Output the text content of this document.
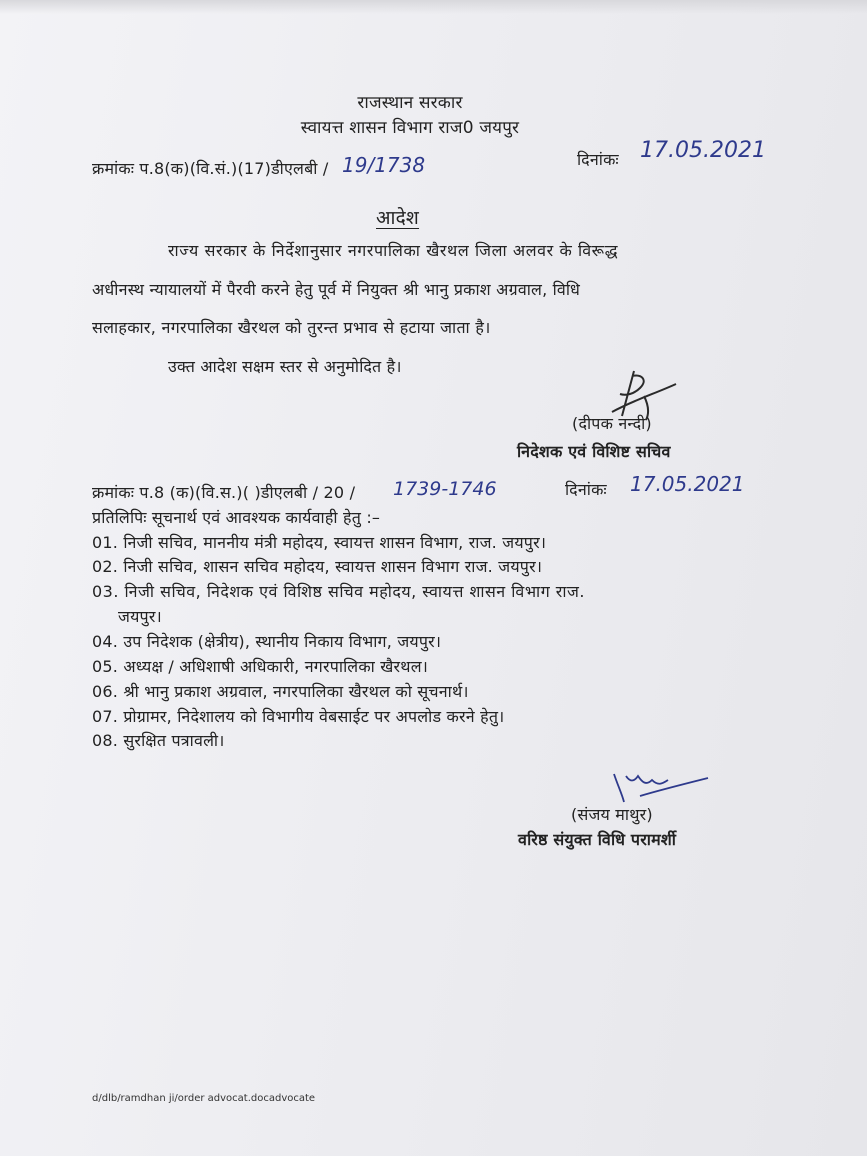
राजस्थान सरकार
स्वायत्त शासन विभाग राज0 जयपुर
क्रमांकः प.8(क)(वि.सं.)(17)डीएलबी / 19/1738	दिनांकः 17.05.2021
आदेश
राज्य सरकार के निर्देशानुसार नगरपालिका खैरथल जिला अलवर के विरूद्ध
अधीनस्थ न्यायालयों में पैरवी करने हेतु पूर्व में नियुक्त श्री भानु प्रकाश अग्रवाल, विधि
सलाहकार, नगरपालिका खैरथल को तुरन्त प्रभाव से हटाया जाता है।
उक्त आदेश सक्षम स्तर से अनुमोदित है।
(दीपक नन्दी)
निदेशक एवं विशिष्ट सचिव
क्रमांकः प.8 (क)(वि.स.)( )डीएलबी / 20 / 1739-1746	दिनांकः 17.05.2021
प्रतिलिपिः सूचनार्थ एवं आवश्यक कार्यवाही हेतु :–
01. निजी सचिव, माननीय मंत्री महोदय, स्वायत्त शासन विभाग, राज. जयपुर।
02. निजी सचिव, शासन सचिव महोदय, स्वायत्त शासन विभाग राज. जयपुर।
03. निजी सचिव, निदेशक एवं विशिष्ठ सचिव महोदय, स्वायत्त शासन विभाग राज.
जयपुर।
04. उप निदेशक (क्षेत्रीय), स्थानीय निकाय विभाग, जयपुर।
05. अध्यक्ष / अधिशाषी अधिकारी, नगरपालिका खैरथल।
06. श्री भानु प्रकाश अग्रवाल, नगरपालिका खैरथल को सूचनार्थ।
07. प्रोग्रामर, निदेशालय को विभागीय वेबसाईट पर अपलोड करने हेतु।
08. सुरक्षित पत्रावली।
(संजय माथुर)
वरिष्ठ संयुक्त विधि परामर्शी
d/dlb/ramdhan ji/order advocat.docadvocate
